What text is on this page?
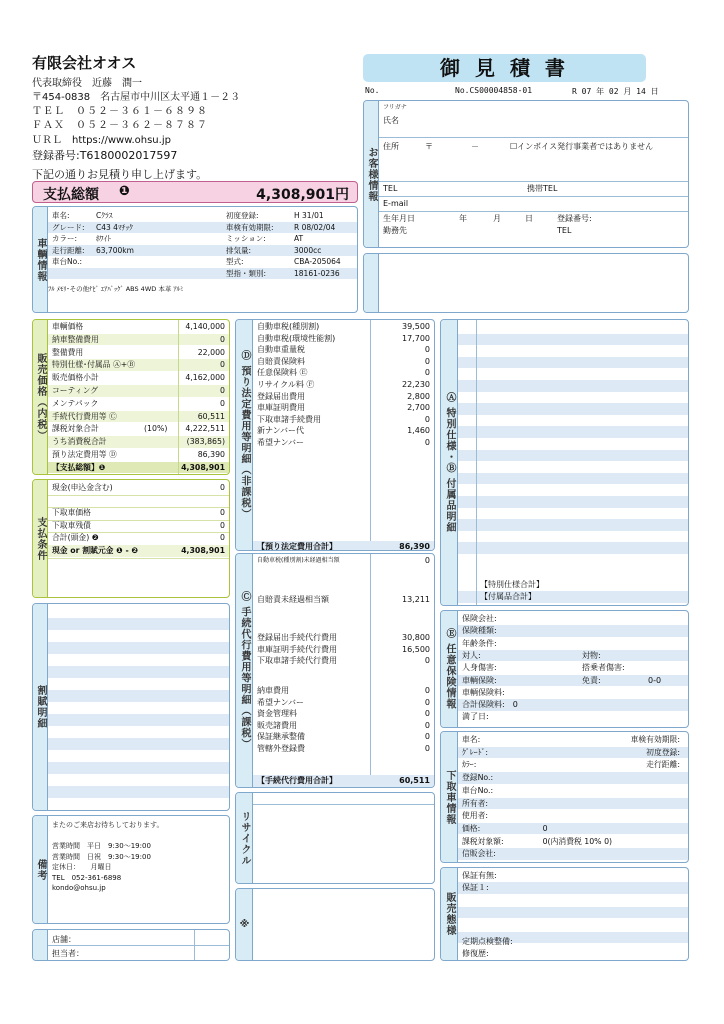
有限会社オオス
代表取締役　近藤　潤一
〒454-0838　名古屋市中川区太平通１－２３
ＴＥＬ　０５２－３６１－６８９８
ＦＡＸ　０５２－３６２－８７８７
ＵＲＬ　https://www.ohsu.jp
登録番号:T6180002017597
下記の通りお見積り申し上げます。
支払総額 ❶	4,308,901円
御 見 積 書
No.	No.CS00004858-01	R 07 年 02 月 14 日
お客様情報
フリガナ
氏名
住所	〒	－	☐インボイス発行事業者ではありません
TEL	携帯TEL
E-mail
生年月日	年	月	日	登録番号:
勤務先	TEL
車輌情報
車名:	Cｸﾗｽ	初度登録:	H 31/01
グレード: C43 4ﾏﾁｯｸ	車検有効期限:	R 08/02/04
カラー:	ﾎﾜｲﾄ	ミッション:	AT
走行距離: 63,700km	排気量:	3000cc
車台No.:	型式:	CBA-205064
型指・類別:	18161-0236
ﾌﾙ ﾒﾓﾘ･その他ﾅﾋﾞ ｴｱﾊﾞｯｸﾞ ABS 4WD 本革 ｱﾙﾐ
販売価格（内税）
車輌価格	4,140,000
納車整備費用	0
整備費用	22,000
特別仕様･付属品 Ⓐ+Ⓑ	0
販売価格小計	4,162,000
コーティング	0
メンテパック	0
手続代行費用等 Ⓒ	60,511
課税対象合計	(10%) 4,222,511
うち消費税合計	(383,865)
預り法定費用等 Ⓓ	86,390
【支払総額】❶	4,308,901
支払条件
現金(申込金含む)	0
下取車価格	0
下取車残債	0
合計(頭金) ❷	0
現金 or 割賦元金 ❶ - ❷	4,308,901
割賦明細
備考
またのご来店お待ちしております。
営業時間　平日　9:30～19:00
営業時間　日祝　9:30～19:00
定休日：　　月曜日
TEL　052-361-6898
kondo@ohsu.jp
店舗：
担当者：
Ⓓ 預り法定費用等明細（非課税）
自動車税(種別割)	39,500
自動車税(環境性能割)	17,700
自動車重量税	0
自賠責保険料	0
任意保険料 Ⓔ	0
リサイクル料 Ⓕ	22,230
登録届出費用	2,800
車庫証明費用	2,700
下取車諸手続費用	0
新ナンバー代	1,460
希望ナンバー	0
【預り法定費用合計】	86,390
Ⓒ 手続代行費用等明細（課税）
自動車税(種別割)未経過相当額	0
自賠責未経過相当額	13,211
登録届出手続代行費用	30,800
車庫証明手続代行費用	16,500
下取車諸手続代行費用	0
納車費用	0
希望ナンバー	0
資金管理料	0
販売諸費用	0
保証継承整備	0
管轄外登録費	0
【手続代行費用合計】	60,511
リサイクル
※
Ⓐ 特別仕様・Ⓑ 付属品明細
【特別仕様合計】
【付属品合計】
Ⓔ 任意保険情報
保険会社:
保険種類:
年齢条件:
対人:	対物:
人身傷害:	搭乗者傷害:
車輌保険:	免責:	0-0
車輌保険料:
合計保険料:　0
満了日:
下取車情報
車名:	車検有効期限:
ｸﾞﾚｰﾄﾞ:	初度登録:
ｶﾗｰ:	走行距離:
登録No.:
車台No.:
所有者:
使用者:
価格:　　　　　　　　0
課税対象額:　　　　　0(内消費税 10% 0)
信販会社:
販売態様
保証有無:
保証１:
定期点検整備:
修復歴:
